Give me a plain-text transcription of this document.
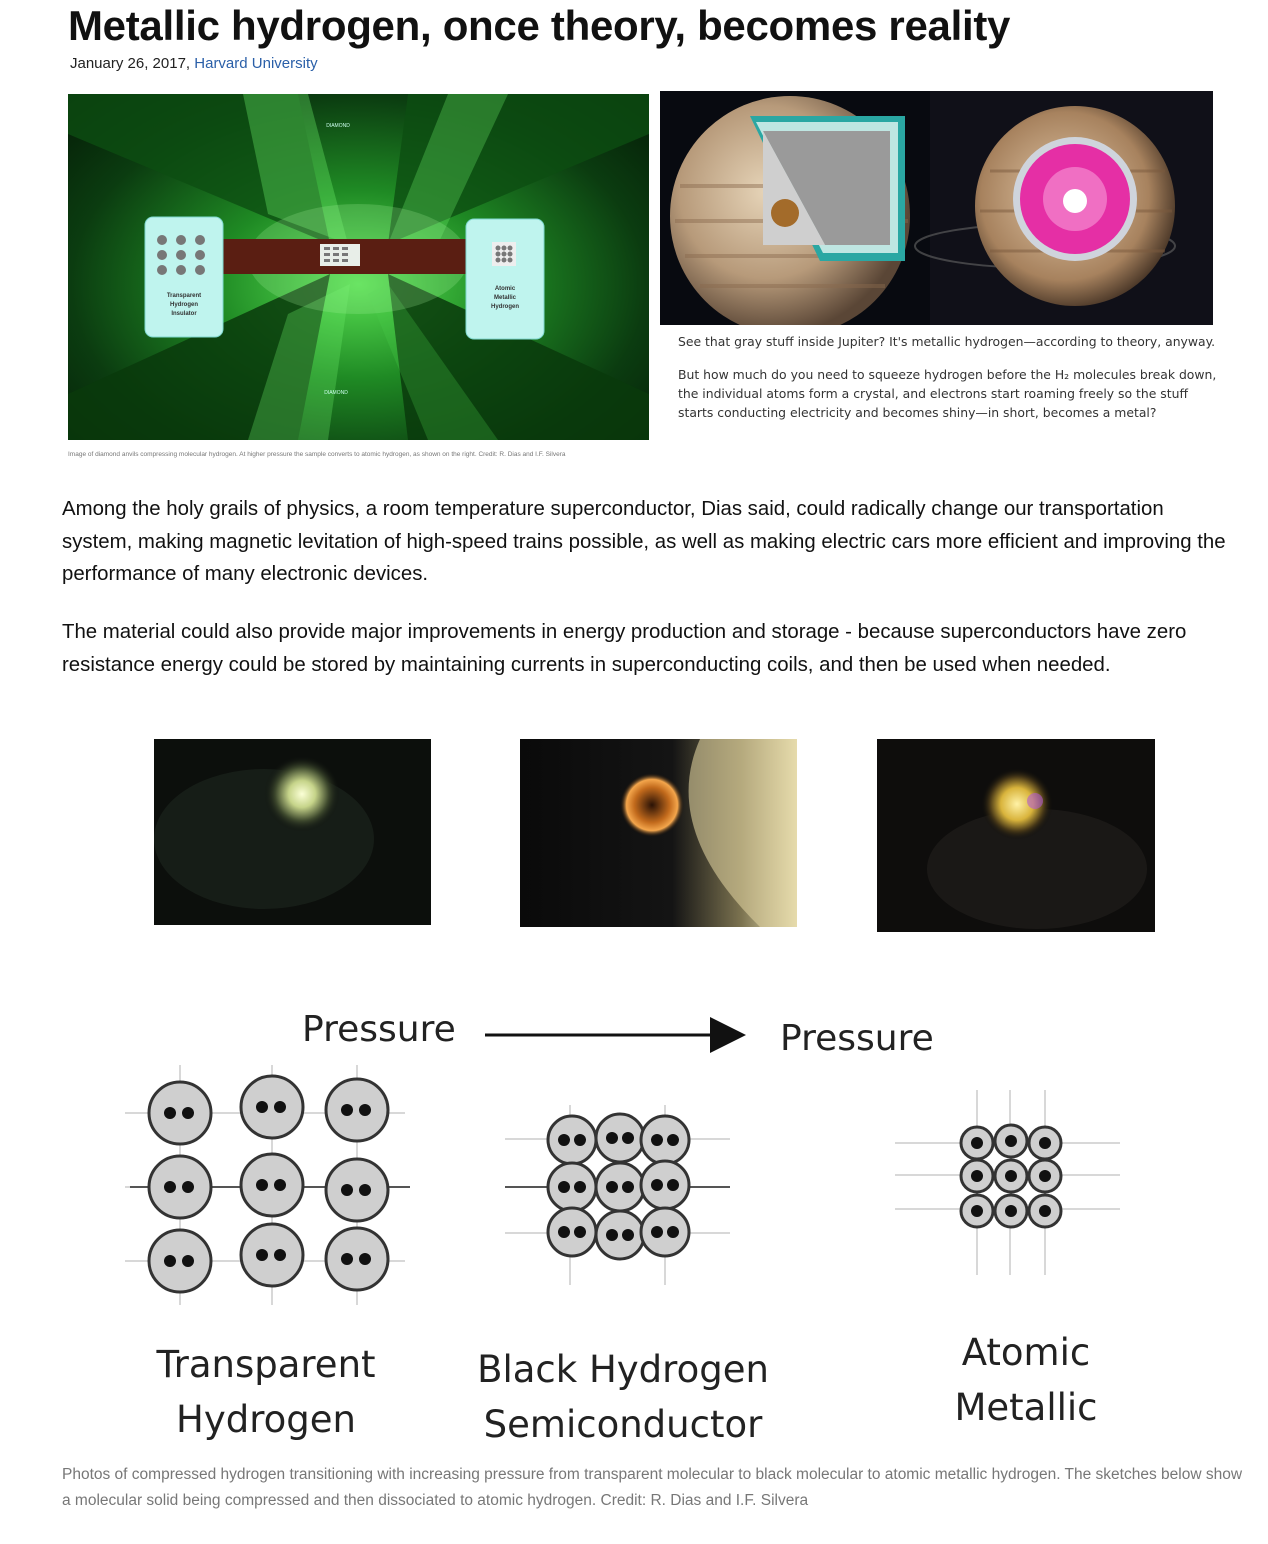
Metallic hydrogen, once theory, becomes reality
January 26, 2017, Harvard University
Transparent
Hydrogen
Insulator
Atomic
Metallic
Hydrogen
DIAMOND
DIAMOND
Image of diamond anvils compressing molecular hydrogen. At higher pressure the sample converts to atomic hydrogen, as shown on the right. Credit: R. Dias and I.F. Silvera

See that gray stuff inside Jupiter? It's metallic hydrogen—according to theory, anyway.

But how much do you need to squeeze hydrogen before the H₂ molecules break down, the individual atoms form a crystal, and electrons start roaming freely so the stuff starts conducting electricity and becomes shiny—in short, becomes a metal?

Among the holy grails of physics, a room temperature superconductor, Dias said, could radically change our transportation system, making magnetic levitation of high-speed trains possible, as well as making electric cars more efficient and improving the performance of many electronic devices.
The material could also provide major improvements in energy production and storage - because superconductors have zero resistance energy could be stored by maintaining currents in superconducting coils, and then be used when needed.
Pressure	Pressure
Transparent
Hydrogen
Black Hydrogen
Semiconductor
Atomic
Metallic
Photos of compressed hydrogen transitioning with increasing pressure from transparent molecular to black molecular to atomic metallic hydrogen. The sketches below show a molecular solid being compressed and then dissociated to atomic hydrogen. Credit: R. Dias and I.F. Silvera
